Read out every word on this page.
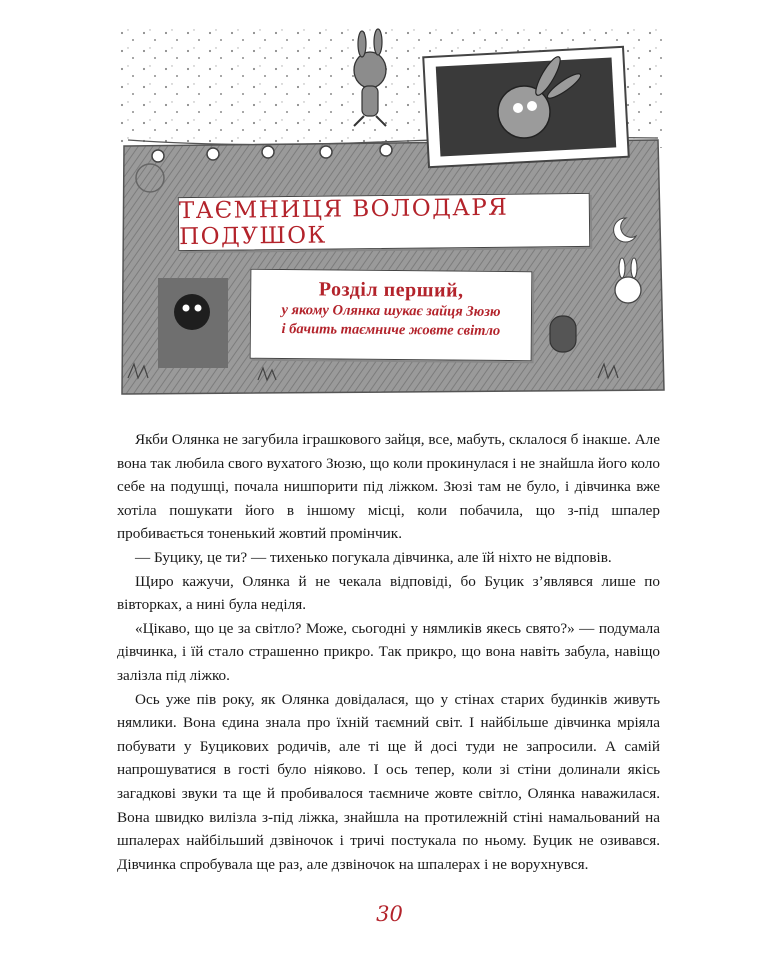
ТАЄМНИЦЯ ВОЛОДАРЯ ПОДУШОК
Розділ перший,
у якому Олянка шукає зайця Зюзю
і бачить таємниче жовте світло

Якби Олянка не загубила іграшкового зайця, все, мабуть, склалося б інакше. Але вона так любила свого вухатого Зюзю, що коли прокинулася і не знайшла його коло себе на подушці, почала нишпорити під ліжком. Зюзі там не було, і дівчинка вже хотіла пошукати його в іншому місці, коли побачила, що з-під шпалер пробивається тоненький жовтий промінчик.

— Буцику, це ти? — тихенько погукала дівчинка, але їй ніхто не відповів.

Щиро кажучи, Олянка й не чекала відповіді, бо Буцик з’являвся лише по вівторках, а нині була неділя.

«Цікаво, що це за світло? Може, сьогодні у нямликів якесь свято?» — подумала дівчинка, і їй стало страшенно прикро. Так прикро, що вона навіть забула, навіщо залізла під ліжко.

Ось уже пів року, як Олянка довідалася, що у стінах старих будинків живуть нямлики. Вона єдина знала про їхній таємний світ. І найбільше дівчинка мріяла побувати у Буцикових родичів, але ті ще й досі туди не запросили. А самій напрошуватися в гості було ніяково. І ось тепер, коли зі стіни долинали якісь загадкові звуки та ще й пробивалося таємниче жовте світло, Олянка наважилася. Вона швидко вилізла з-під ліжка, знайшла на протилежній стіні намальований на шпалерах найбільший дзвіночок і тричі постукала по ньому. Буцик не озивався. Дівчинка спробувала ще раз, але дзвіночок на шпалерах і не ворухнувся.

30
